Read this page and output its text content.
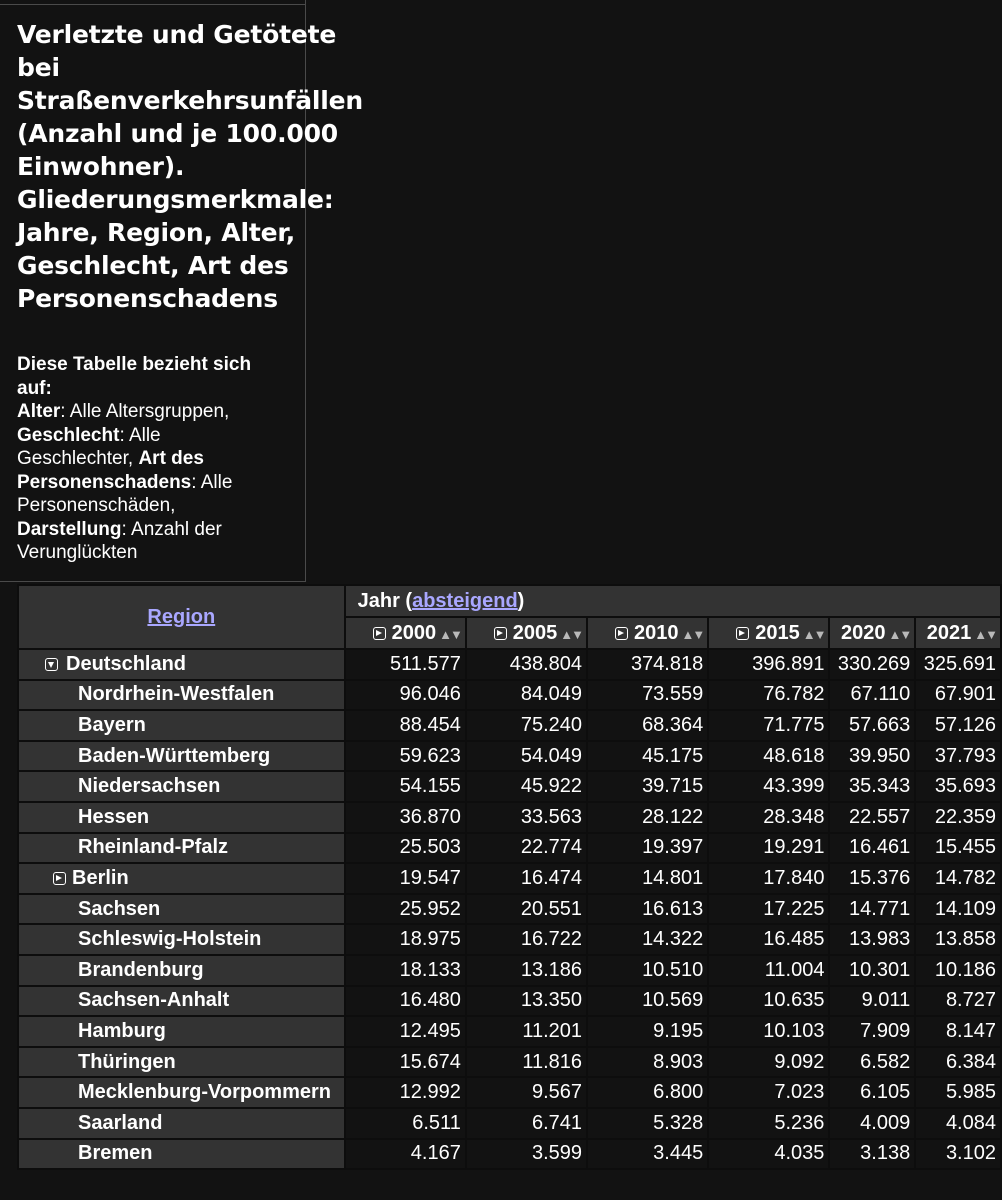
Verletzte und Getötete bei Straßenverkehrsunfällen (Anzahl und je 100.000 Einwohner). Gliederungsmerkmale: Jahre, Region, Alter, Geschlecht, Art des Personenschadens
Diese Tabelle bezieht sich auf:
Alter: Alle Altersgruppen, Geschlecht: Alle Geschlechter, Art des Personenschadens: Alle Personenschäden, Darstellung: Anzahl der Verunglückten
Region	Jahr (absteigend)					
	2000 ▲▼	2005 ▲▼	2010 ▲▼	2015 ▲▼	2020 ▲▼	2021 ▲▼
Deutschland	511.577	438.804	374.818	396.891	330.269	325.691
Nordrhein-Westfalen	96.046	84.049	73.559	76.782	67.110	67.901
Bayern	88.454	75.240	68.364	71.775	57.663	57.126
Baden-Württemberg	59.623	54.049	45.175	48.618	39.950	37.793
Niedersachsen	54.155	45.922	39.715	43.399	35.343	35.693
Hessen	36.870	33.563	28.122	28.348	22.557	22.359
Rheinland-Pfalz	25.503	22.774	19.397	19.291	16.461	15.455
Berlin	19.547	16.474	14.801	17.840	15.376	14.782
Sachsen	25.952	20.551	16.613	17.225	14.771	14.109
Schleswig-Holstein	18.975	16.722	14.322	16.485	13.983	13.858
Brandenburg	18.133	13.186	10.510	11.004	10.301	10.186
Sachsen-Anhalt	16.480	13.350	10.569	10.635	9.011	8.727
Hamburg	12.495	11.201	9.195	10.103	7.909	8.147
Thüringen	15.674	11.816	8.903	9.092	6.582	6.384
Mecklenburg-Vorpommern	12.992	9.567	6.800	7.023	6.105	5.985
Saarland	6.511	6.741	5.328	5.236	4.009	4.084
Bremen	4.167	3.599	3.445	4.035	3.138	3.102
